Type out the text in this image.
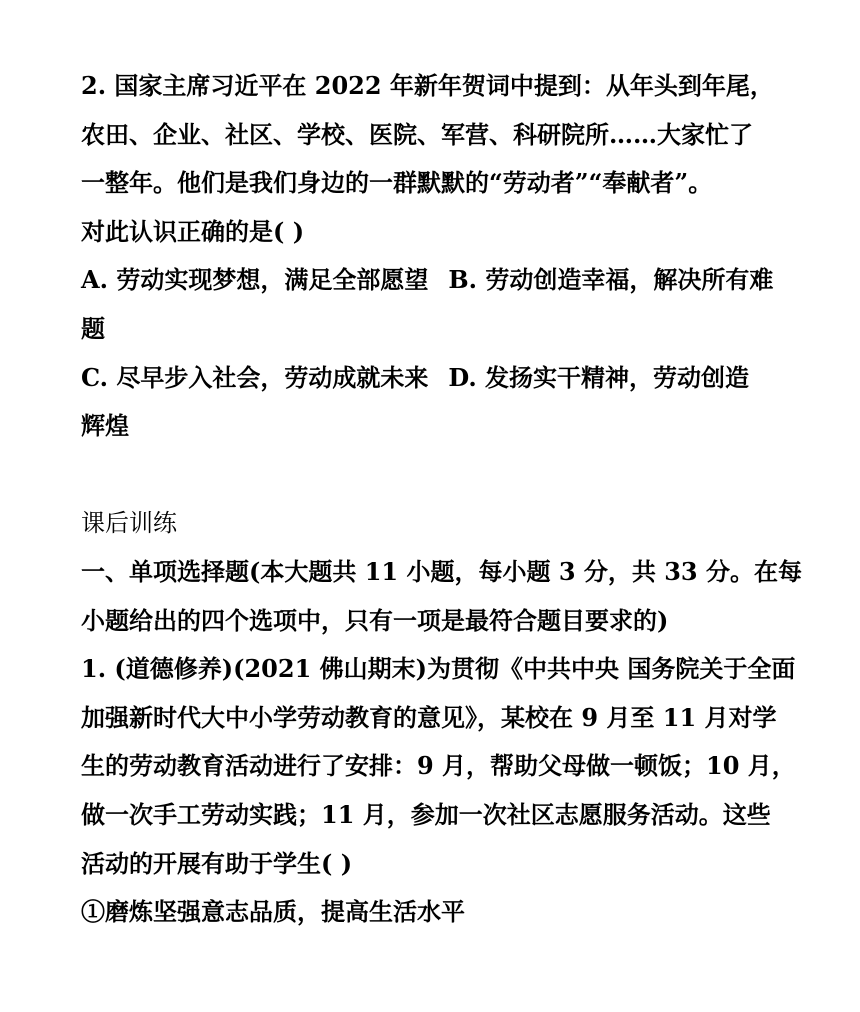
2. 国家主席习近平在 2022 年新年贺词中提到：从年头到年尾，
农田、企业、社区、学校、医院、军营、科研院所……大家忙了
一整年。他们是我们身边的一群默默的“劳动者”“奉献者”。
对此认识正确的是( )
A. 劳动实现梦想，满足全部愿望 B. 劳动创造幸福，解决所有难
题
C. 尽早步入社会，劳动成就未来 D. 发扬实干精神，劳动创造
辉煌
课后训练
一、单项选择题(本大题共 11 小题，每小题 3 分，共 33 分。在每
小题给出的四个选项中，只有一项是最符合题目要求的)
1. (道德修养)(2021 佛山期末)为贯彻《中共中央 国务院关于全面
加强新时代大中小学劳动教育的意见》，某校在 9 月至 11 月对学
生的劳动教育活动进行了安排：9 月，帮助父母做一顿饭；10 月，
做一次手工劳动实践；11 月，参加一次社区志愿服务活动。这些
活动的开展有助于学生( )
①磨炼坚强意志品质，提高生活水平
